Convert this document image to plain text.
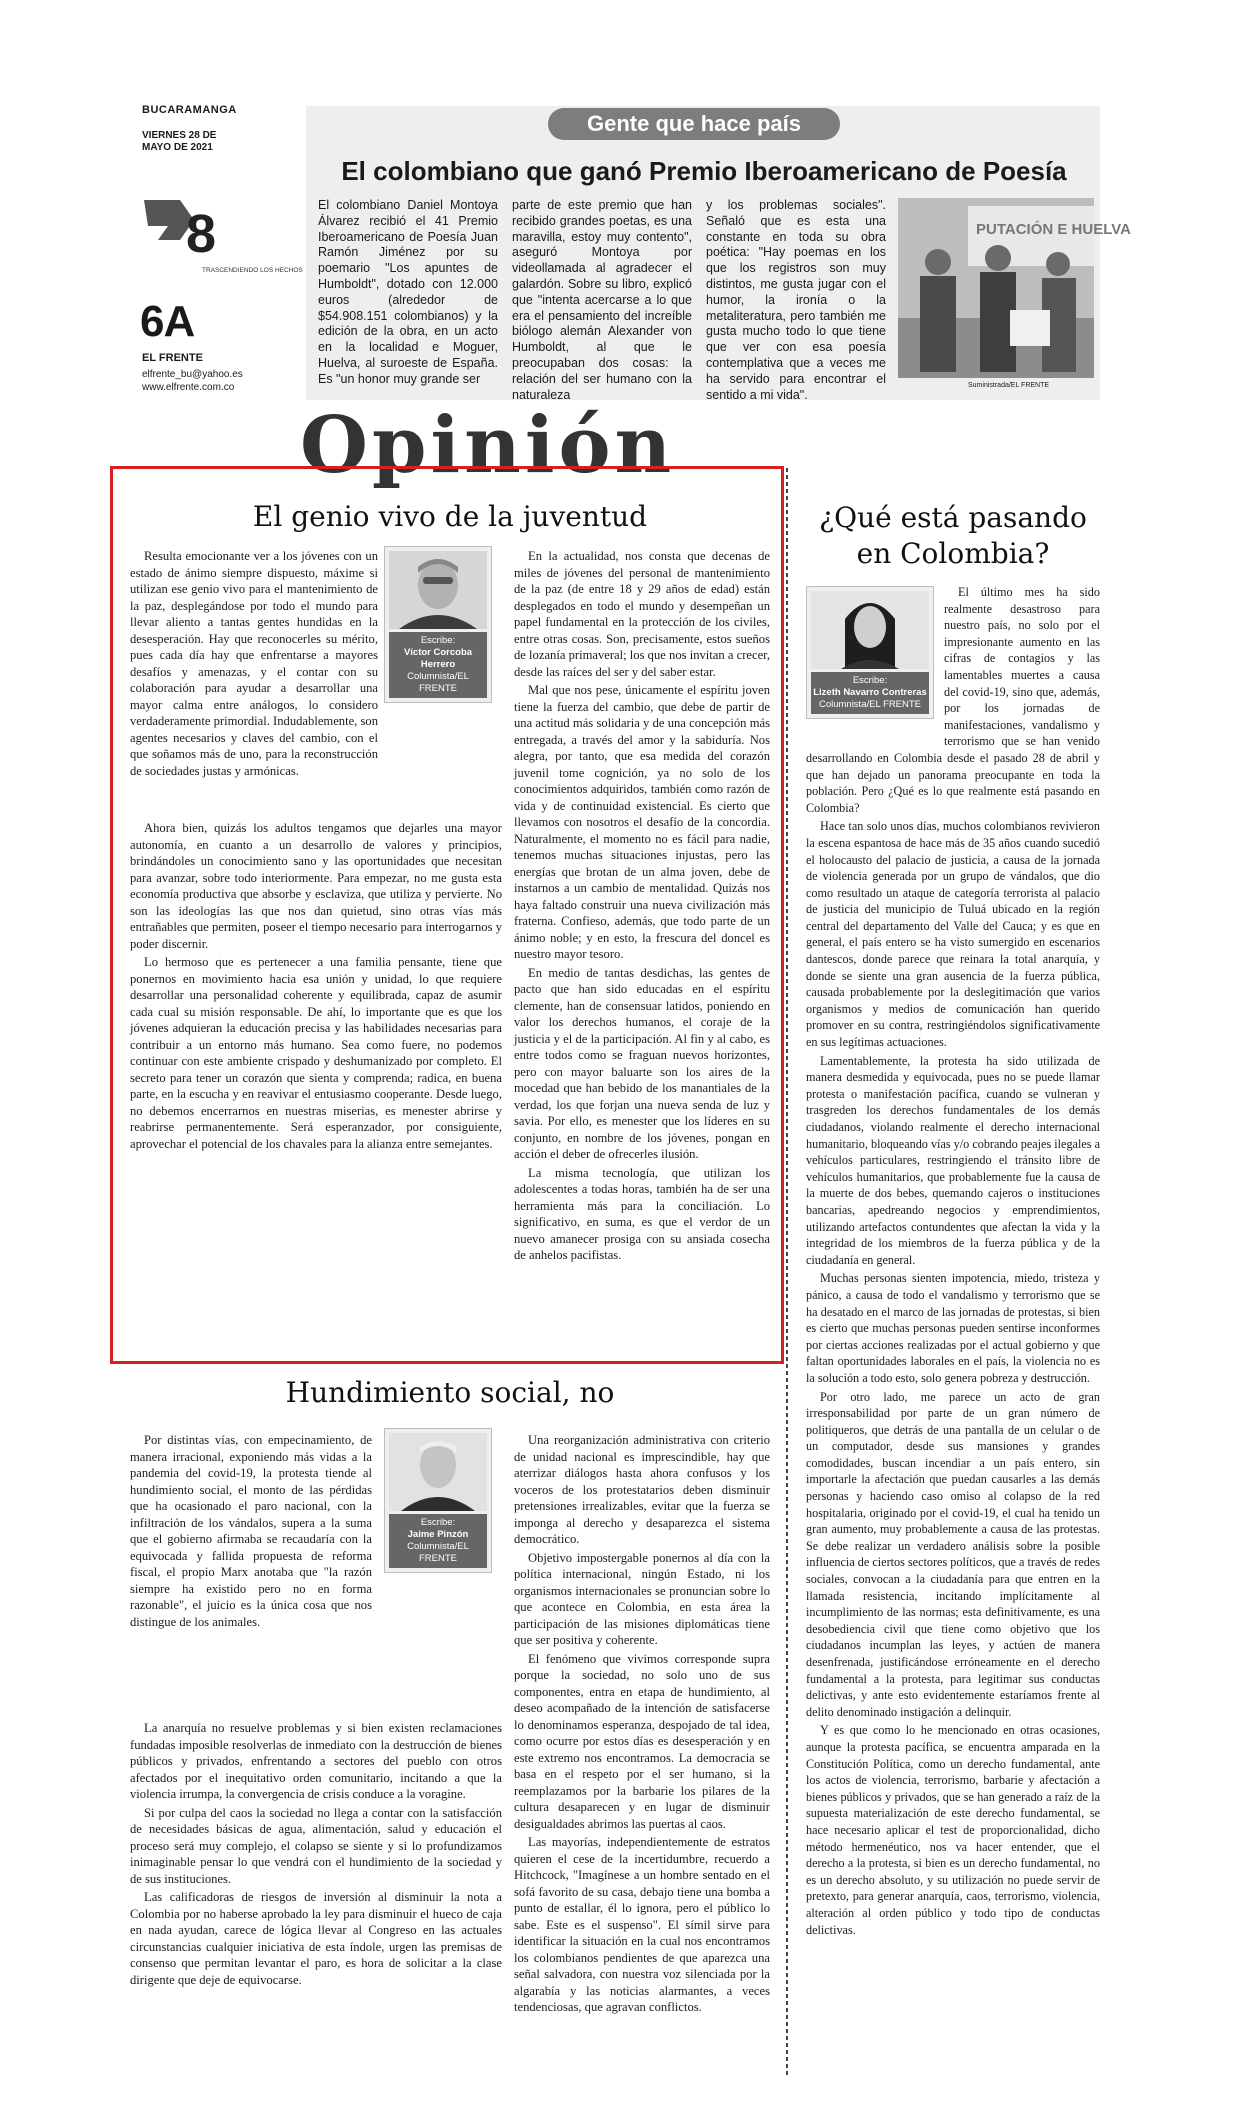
BUCARAMANGA
VIERNES 28 DE MAYO DE 2021
8
TRASCENDIENDO LOS HECHOS
6A
EL FRENTE
elfrente_bu@yahoo.es
www.elfrente.com.co
Gente que hace país
El colombiano que ganó Premio Iberoamericano de Poesía
El colombiano Daniel Montoya Álvarez recibió el 41 Premio Iberoamericano de Poesía Juan Ramón Jiménez por su poemario "Los apuntes de Humboldt", dotado con 12.000 euros (alrededor de $54.908.151 colombianos) y la edición de la obra, en un acto en la localidad e Moguer, Huelva, al suroeste de España. Es "un honor muy grande ser
parte de este premio que han recibido grandes poetas, es una maravilla, estoy muy contento", aseguró Montoya por videollamada al agradecer el galardón. Sobre su libro, explicó que "intenta acercarse a lo que era el pensamiento del increíble biólogo alemán Alexander von Humboldt, al que le preocupaban dos cosas: la relación del ser humano con la naturaleza
y los problemas sociales". Señaló que es esta una constante en toda su obra poética: "Hay poemas en los que los registros son muy distintos, me gusta jugar con el humor, la ironía o la metaliteratura, pero también me gusta mucho todo lo que tiene que ver con esa poesía contemplativa que a veces me ha servido para encontrar el sentido a mi vida".
PUTACIÓN E HUELVA
Suministrada/EL FRENTE
Opinión
El genio vivo de la juventud

Resulta emocionante ver a los jóvenes con un estado de ánimo siempre dispuesto, máxime si utilizan ese genio vivo para el mantenimiento de la paz, desplegándose por todo el mundo para llevar aliento a tantas gentes hundidas en la desesperación. Hay que reconocerles su mérito, pues cada día hay que enfrentarse a mayores desafíos y amenazas, y el contar con su colaboración para ayudar a desarrollar una mayor calma entre análogos, lo considero verdaderamente primordial. Indudablemente, son agentes necesarios y claves del cambio, con el que soñamos más de uno, para la reconstrucción de sociedades justas y armónicas.

Escribe:
Víctor Corcoba Herrero
Columnista/EL FRENTE

Ahora bien, quizás los adultos tengamos que dejarles una mayor autonomía, en cuanto a un desarrollo de valores y principios, brindándoles un conocimiento sano y las oportunidades que necesitan para avanzar, sobre todo interiormente. Para empezar, no me gusta esta economía productiva que absorbe y esclaviza, que utiliza y pervierte. No son las ideologías las que nos dan quietud, sino otras vías más entrañables que permiten, poseer el tiempo necesario para interrogarnos y poder discernir.

Lo hermoso que es pertenecer a una familia pensante, tiene que ponernos en movimiento hacia esa unión y unidad, lo que requiere desarrollar una personalidad coherente y equilibrada, capaz de asumir cada cual su misión responsable. De ahí, lo importante que es que los jóvenes adquieran la educación precisa y las habilidades necesarias para contribuir a un entorno más humano. Sea como fuere, no podemos continuar con este ambiente crispado y deshumanizado por completo. El secreto para tener un corazón que sienta y comprenda; radica, en buena parte, en la escucha y en reavivar el entusiasmo cooperante. Desde luego, no debemos encerrarnos en nuestras miserias, es menester abrirse y reabrirse permanentemente. Será esperanzador, por consiguiente, aprovechar el potencial de los chavales para la alianza entre semejantes.

En la actualidad, nos consta que decenas de miles de jóvenes del personal de mantenimiento de la paz (de entre 18 y 29 años de edad) están desplegados en todo el mundo y desempeñan un papel fundamental en la protección de los civiles, entre otras cosas. Son, precisamente, estos sueños de lozanía primaveral; los que nos invitan a crecer, desde las raíces del ser y del saber estar.

Mal que nos pese, únicamente el espíritu joven tiene la fuerza del cambio, que debe de partir de una actitud más solidaria y de una concepción más entregada, a través del amor y la sabiduría. Nos alegra, por tanto, que esa medida del corazón juvenil tome cognición, ya no solo de los conocimientos adquiridos, también como razón de vida y de continuidad existencial. Es cierto que llevamos con nosotros el desafío de la concordia. Naturalmente, el momento no es fácil para nadie, tenemos muchas situaciones injustas, pero las energías que brotan de un alma joven, debe de instarnos a un cambio de mentalidad. Quizás nos haya faltado construir una nueva civilización más fraterna. Confieso, además, que todo parte de un ánimo noble; y en esto, la frescura del doncel es nuestro mayor tesoro.

En medio de tantas desdichas, las gentes de pacto que han sido educadas en el espíritu clemente, han de consensuar latidos, poniendo en valor los derechos humanos, el coraje de la justicia y el de la participación. Al fin y al cabo, es entre todos como se fraguan nuevos horizontes, pero con mayor baluarte son los aires de la mocedad que han bebido de los manantiales de la verdad, los que forjan una nueva senda de luz y savia. Por ello, es menester que los líderes en su conjunto, en nombre de los jóvenes, pongan en acción el deber de ofrecerles ilusión.

La misma tecnología, que utilizan los adolescentes a todas horas, también ha de ser una herramienta más para la conciliación. Lo significativo, en suma, es que el verdor de un nuevo amanecer prosiga con su ansiada cosecha de anhelos pacifistas.

Hundimiento social, no

Por distintas vías, con empecinamiento, de manera irracional, exponiendo más vidas a la pandemia del covid-19, la protesta tiende al hundimiento social, el monto de las pérdidas que ha ocasionado el paro nacional, con la infiltración de los vándalos, supera a la suma que el gobierno afirmaba se recaudaría con la equivocada y fallida propuesta de reforma fiscal, el propio Marx anotaba que "la razón siempre ha existido pero no en forma razonable", el juicio es la única cosa que nos distingue de los animales.

Escribe:
Jaime Pinzón
Columnista/EL FRENTE

La anarquía no resuelve problemas y si bien existen reclamaciones fundadas imposible resolverlas de inmediato con la destrucción de bienes públicos y privados, enfrentando a sectores del pueblo con otros afectados por el inequitativo orden comunitario, incitando a que la violencia irrumpa, la convergencia de crisis conduce a la voragine.

Si por culpa del caos la sociedad no llega a contar con la satisfacción de necesidades básicas de agua, alimentación, salud y educación el proceso será muy complejo, el colapso se siente y si lo profundizamos inimaginable pensar lo que vendrá con el hundimiento de la sociedad y de sus instituciones.

Las calificadoras de riesgos de inversión al disminuir la nota a Colombia por no haberse aprobado la ley para disminuir el hueco de caja en nada ayudan, carece de lógica llevar al Congreso en las actuales circunstancias cualquier iniciativa de esta índole, urgen las premisas de consenso que permitan levantar el paro, es hora de solicitar a la clase dirigente que deje de equivocarse.

Una reorganización administrativa con criterio de unidad nacional es imprescindible, hay que aterrizar diálogos hasta ahora confusos y los voceros de los protestatarios deben disminuir pretensiones irrealizables, evitar que la fuerza se imponga al derecho y desaparezca el sistema democrático.

Objetivo impostergable ponernos al día con la política internacional, ningún Estado, ni los organismos internacionales se pronuncian sobre lo que acontece en Colombia, en esta área la participación de las misiones diplomáticas tiene que ser positiva y coherente.

El fenómeno que vivimos corresponde supra porque la sociedad, no solo uno de sus componentes, entra en etapa de hundimiento, al deseo acompañado de la intención de satisfacerse lo denominamos esperanza, despojado de tal idea, como ocurre por estos días es desesperación y en este extremo nos encontramos. La democracia se basa en el respeto por el ser humano, si la reemplazamos por la barbarie los pilares de la cultura desaparecen y en lugar de disminuir desigualdades abrimos las puertas al caos.

Las mayorías, independientemente de estratos quieren el cese de la incertidumbre, recuerdo a Hitchcock, "Imagínese a un hombre sentado en el sofá favorito de su casa, debajo tiene una bomba a punto de estallar, él lo ignora, pero el público lo sabe. Este es el suspenso". El símil sirve para identificar la situación en la cual nos encontramos los colombianos pendientes de que aparezca una señal salvadora, con nuestra voz silenciada por la algarabía y las noticias alarmantes, a veces tendenciosas, que agravan conflictos.

¿Qué está pasando en Colombia?
Escribe:
Lizeth Navarro Contreras
Columnista/EL FRENTE

El último mes ha sido realmente desastroso para nuestro país, no solo por el impresionante aumento en las cifras de contagios y las lamentables muertes a causa del covid-19, sino que, además, por los jornadas de manifestaciones, vandalismo y terrorismo que se han venido desarrollando en Colombia desde el pasado 28 de abril y que han dejado un panorama preocupante en toda la población. Pero ¿Qué es lo que realmente está pasando en Colombia?

Hace tan solo unos días, muchos colombianos revivieron la escena espantosa de hace más de 35 años cuando sucedió el holocausto del palacio de justicia, a causa de la jornada de violencia generada por un grupo de vándalos, que dio como resultado un ataque de categoría terrorista al palacio de justicia del municipio de Tuluá ubicado en la región central del departamento del Valle del Cauca; y es que en general, el país entero se ha visto sumergido en escenarios dantescos, donde parece que reinara la total anarquía, y donde se siente una gran ausencia de la fuerza pública, causada probablemente por la deslegitimación que varios organismos y medios de comunicación han querido promover en su contra, restringiéndolos significativamente en sus legítimas actuaciones.

Lamentablemente, la protesta ha sido utilizada de manera desmedida y equivocada, pues no se puede llamar protesta o manifestación pacífica, cuando se vulneran y trasgreden los derechos fundamentales de los demás ciudadanos, violando realmente el derecho internacional humanitario, bloqueando vías y/o cobrando peajes ilegales a vehículos particulares, restringiendo el tránsito libre de vehículos humanitarios, que probablemente fue la causa de la muerte de dos bebes, quemando cajeros o instituciones bancarias, apedreando negocios y emprendimientos, utilizando artefactos contundentes que afectan la vida y la integridad de los miembros de la fuerza pública y de la ciudadanía en general.

Muchas personas sienten impotencia, miedo, tristeza y pánico, a causa de todo el vandalismo y terrorismo que se ha desatado en el marco de las jornadas de protestas, si bien es cierto que muchas personas pueden sentirse inconformes por ciertas acciones realizadas por el actual gobierno y que faltan oportunidades laborales en el país, la violencia no es la solución a todo esto, solo genera pobreza y destrucción.

Por otro lado, me parece un acto de gran irresponsabilidad por parte de un gran número de politiqueros, que detrás de una pantalla de un celular o de un computador, desde sus mansiones y grandes comodidades, buscan incendiar a un país entero, sin importarle la afectación que puedan causarles a las demás personas y haciendo caso omiso al colapso de la red hospitalaria, originado por el covid-19, el cual ha tenido un gran aumento, muy probablemente a causa de las protestas. Se debe realizar un verdadero análisis sobre la posible influencia de ciertos sectores políticos, que a través de redes sociales, convocan a la ciudadanía para que entren en la llamada resistencia, incitando implícitamente al incumplimiento de las normas; esta definitivamente, es una desobediencia civil que tiene como objetivo que los ciudadanos incumplan las leyes, y actúen de manera desenfrenada, justificándose erróneamente en el derecho fundamental a la protesta, para legitimar sus conductas delictivas, y ante esto evidentemente estaríamos frente al delito denominado instigación a delinquir.

Y es que como lo he mencionado en otras ocasiones, aunque la protesta pacífica, se encuentra amparada en la Constitución Política, como un derecho fundamental, ante los actos de violencia, terrorismo, barbarie y afectación a bienes públicos y privados, que se han generado a raíz de la supuesta materialización de este derecho fundamental, se hace necesario aplicar el test de proporcionalidad, dicho método hermenéutico, nos va hacer entender, que el derecho a la protesta, si bien es un derecho fundamental, no es un derecho absoluto, y su utilización no puede servir de pretexto, para generar anarquía, caos, terrorismo, violencia, alteración al orden público y todo tipo de conductas delictivas.
